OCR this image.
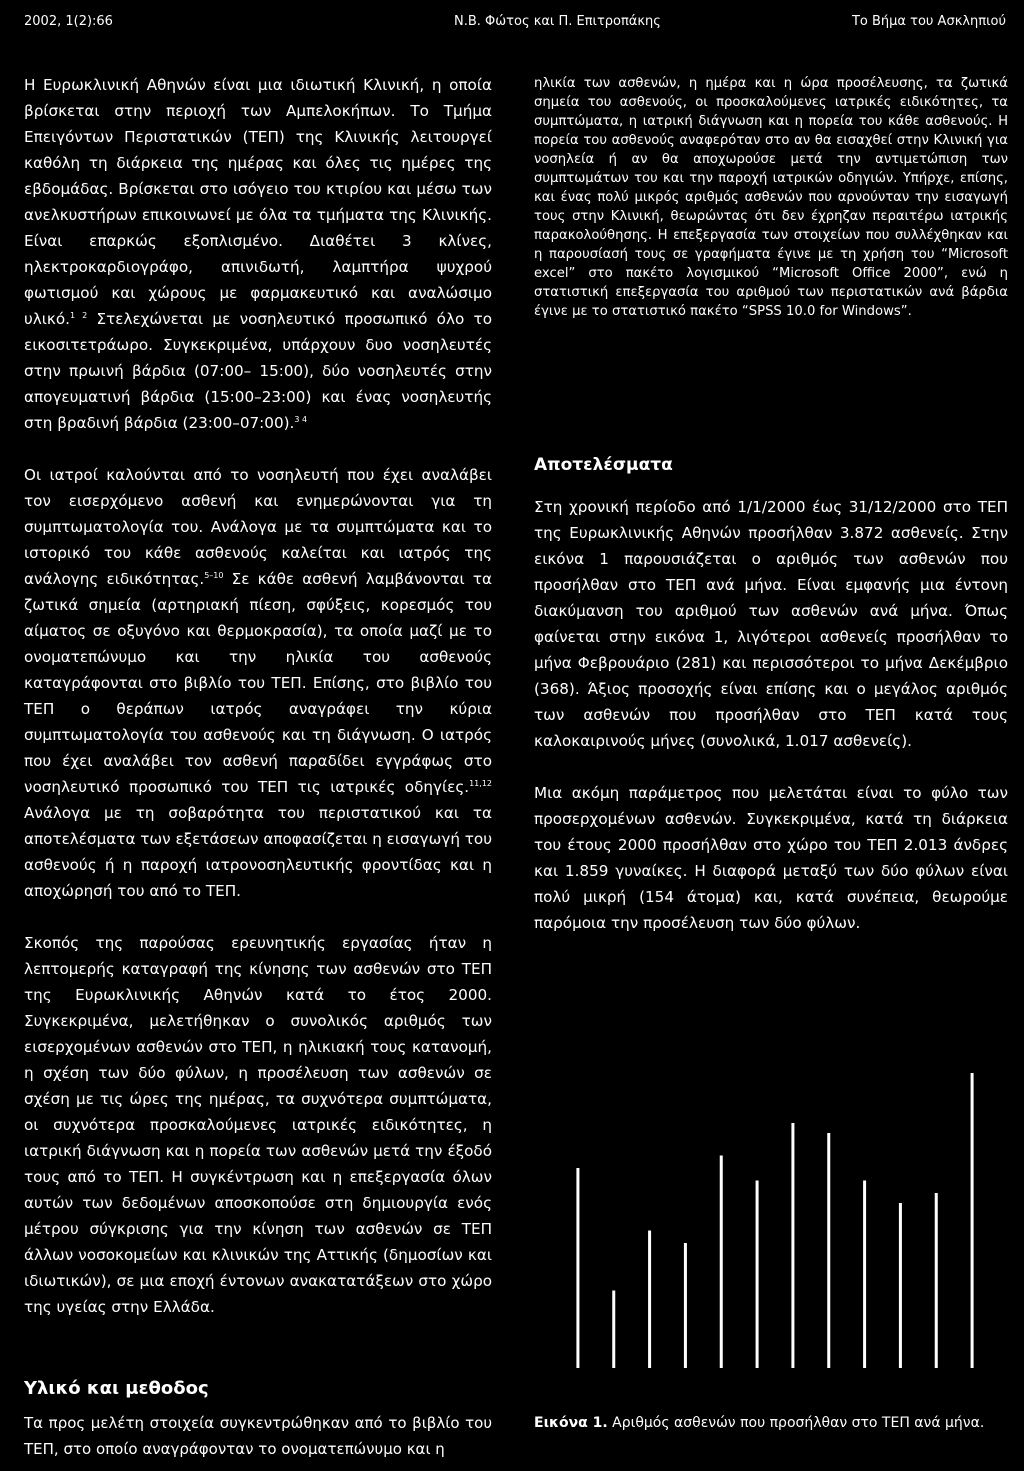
2002, 1(2):66	Ν.Β. Φώτος και Π. Επιτροπάκης	Το Βήμα του Ασκληπιού

Η Ευρωκλινική Αθηνών είναι μια ιδιωτική Κλινική, η οποία βρίσκεται στην περιοχή των Αμπελοκήπων. Το Τμήμα Επειγόντων Περιστατικών (ΤΕΠ) της Κλινικής λειτουργεί καθόλη τη διάρκεια της ημέρας και όλες τις ημέρες της εβδομάδας. Βρίσκεται στο ισόγειο του κτιρίου και μέσω των ανελκυστήρων επικοινωνεί με όλα τα τμήματα της Κλινικής. Είναι επαρκώς εξοπλισμένο. Διαθέτει 3 κλίνες, ηλεκτροκαρδιογράφο, απινιδωτή, λαμπτήρα ψυχρού φωτισμού και χώρους με φαρμακευτικό και αναλώσιμο υλικό.$^{1 2}$ Στελεχώνεται με νοσηλευτικό προσωπικό όλο το εικοσιτετράωρο. Συγκεκριμένα, υπάρχουν δυο νοσηλευτές στην πρωινή βάρδια (07:00– 15:00), δύο νοσηλευτές στην απογευματινή βάρδια (15:00–23:00) και ένας νοσηλευτής στη βραδινή βάρδια (23:00–07:00).$^{3 4}$

Οι ιατροί καλούνται από το νοσηλευτή που έχει αναλάβει τον εισερχόμενο ασθενή και ενημερώνονται για τη συμπτωματολογία του. Ανάλογα με τα συμπτώματα και το ιστορικό του κάθε ασθενούς καλείται και ιατρός της ανάλογης ειδικότητας.$^{5-10}$ Σε κάθε ασθενή λαμβάνονται τα ζωτικά σημεία (αρτηριακή πίεση, σφύξεις, κορεσμός του αίματος σε οξυγόνο και θερμοκρασία), τα οποία μαζί με το ονοματεπώνυμο και την ηλικία του ασθενούς καταγράφονται στο βιβλίο του ΤΕΠ. Επίσης, στο βιβλίο του ΤΕΠ ο θεράπων ιατρός αναγράφει την κύρια συμπτωματολογία του ασθενούς και τη διάγνωση. Ο ιατρός που έχει αναλάβει τον ασθενή παραδίδει εγγράφως στο νοσηλευτικό προσωπικό του ΤΕΠ τις ιατρικές οδηγίες.$^{11,12}$ Ανάλογα με τη σοβαρότητα του περιστατικού και τα αποτελέσματα των εξετάσεων αποφασίζεται η εισαγωγή του ασθενούς ή η παροχή ιατρονοσηλευτικής φροντίδας και η αποχώρησή του από το ΤΕΠ.

Σκοπός της παρούσας ερευνητικής εργασίας ήταν η λεπτομερής καταγραφή της κίνησης των ασθενών στο ΤΕΠ της Ευρωκλινικής Αθηνών κατά το έτος 2000. Συγκεκριμένα, μελετήθηκαν ο συνολικός αριθμός των εισερχομένων ασθενών στο ΤΕΠ, η ηλικιακή τους κατανομή, η σχέση των δύο φύλων, η προσέλευση των ασθενών σε σχέση με τις ώρες της ημέρας, τα συχνότερα συμπτώματα, οι συχνότερα προσκαλούμενες ιατρικές ειδικότητες, η ιατρική διάγνωση και η πορεία των ασθενών μετά την έξοδό τους από το ΤΕΠ. Η συγκέντρωση και η επεξεργασία όλων αυτών των δεδομένων αποσκοπούσε στη δημιουργία ενός μέτρου σύγκρισης για την κίνηση των ασθενών σε ΤΕΠ άλλων νοσοκομείων και κλινικών της Αττικής (δημοσίων και ιδιωτικών), σε μια εποχή έντονων ανακατατάξεων στο χώρο της υγείας στην Ελλάδα.

Υλικό και μεθοδος

Τα προς μελέτη στοιχεία συγκεντρώθηκαν από το βιβλίο του ΤΕΠ, στο οποίο αναγράφονταν το ονοματεπώνυμο και η

ηλικία των ασθενών, η ημέρα και η ώρα προσέλευσης, τα ζωτικά σημεία του ασθενούς, οι προσκαλούμενες ιατρικές ειδικότητες, τα συμπτώματα, η ιατρική διάγνωση και η πορεία του κάθε ασθενούς. Η πορεία του ασθενούς αναφερόταν στο αν θα εισαχθεί στην Κλινική για νοσηλεία ή αν θα αποχωρούσε μετά την αντιμετώπιση των συμπτωμάτων του και την παροχή ιατρικών οδηγιών. Υπήρχε, επίσης, και ένας πολύ μικρός αριθμός ασθενών που αρνούνταν την εισαγωγή τους στην Κλινική, θεωρώντας ότι δεν έχρηζαν περαιτέρω ιατρικής παρακολούθησης. Η επεξεργασία των στοιχείων που συλλέχθηκαν και η παρουσίασή τους σε γραφήματα έγινε με τη χρήση του “Microsoft excel” στο πακέτο λογισμικού “Microsoft Office 2000”, ενώ η στατιστική επεξεργασία του αριθμού των περιστατικών ανά βάρδια έγινε με το στατιστικό πακέτο “SPSS 10.0 for Windows”.

Αποτελέσματα

Στη χρονική περίοδο από 1/1/2000 έως 31/12/2000 στο ΤΕΠ της Ευρωκλινικής Αθηνών προσήλθαν 3.872 ασθενείς. Στην εικόνα 1 παρουσιάζεται ο αριθμός των ασθενών που προσήλθαν στο ΤΕΠ ανά μήνα. Είναι εμφανής μια έντονη διακύμανση του αριθμού των ασθενών ανά μήνα. Όπως φαίνεται στην εικόνα 1, λιγότεροι ασθενείς προσήλθαν το μήνα Φεβρουάριο (281) και περισσότεροι το μήνα Δεκέμβριο (368). Άξιος προσοχής είναι επίσης και ο μεγάλος αριθμός των ασθενών που προσήλθαν στο ΤΕΠ κατά τους καλοκαιρινούς μήνες (συνολικά, 1.017 ασθενείς).

Μια ακόμη παράμετρος που μελετάται είναι το φύλο των προσερχομένων ασθενών. Συγκεκριμένα, κατά τη διάρκεια του έτους 2000 προσήλθαν στο χώρο του ΤΕΠ 2.013 άνδρες και 1.859 γυναίκες. Η διαφορά μεταξύ των δύο φύλων είναι πολύ μικρή (154 άτομα) και, κατά συνέπεια, θεωρούμε παρόμοια την προσέλευση των δύο φύλων.

Εικόνα 1. Αριθμός ασθενών που προσήλθαν στο ΤΕΠ ανά μήνα.
